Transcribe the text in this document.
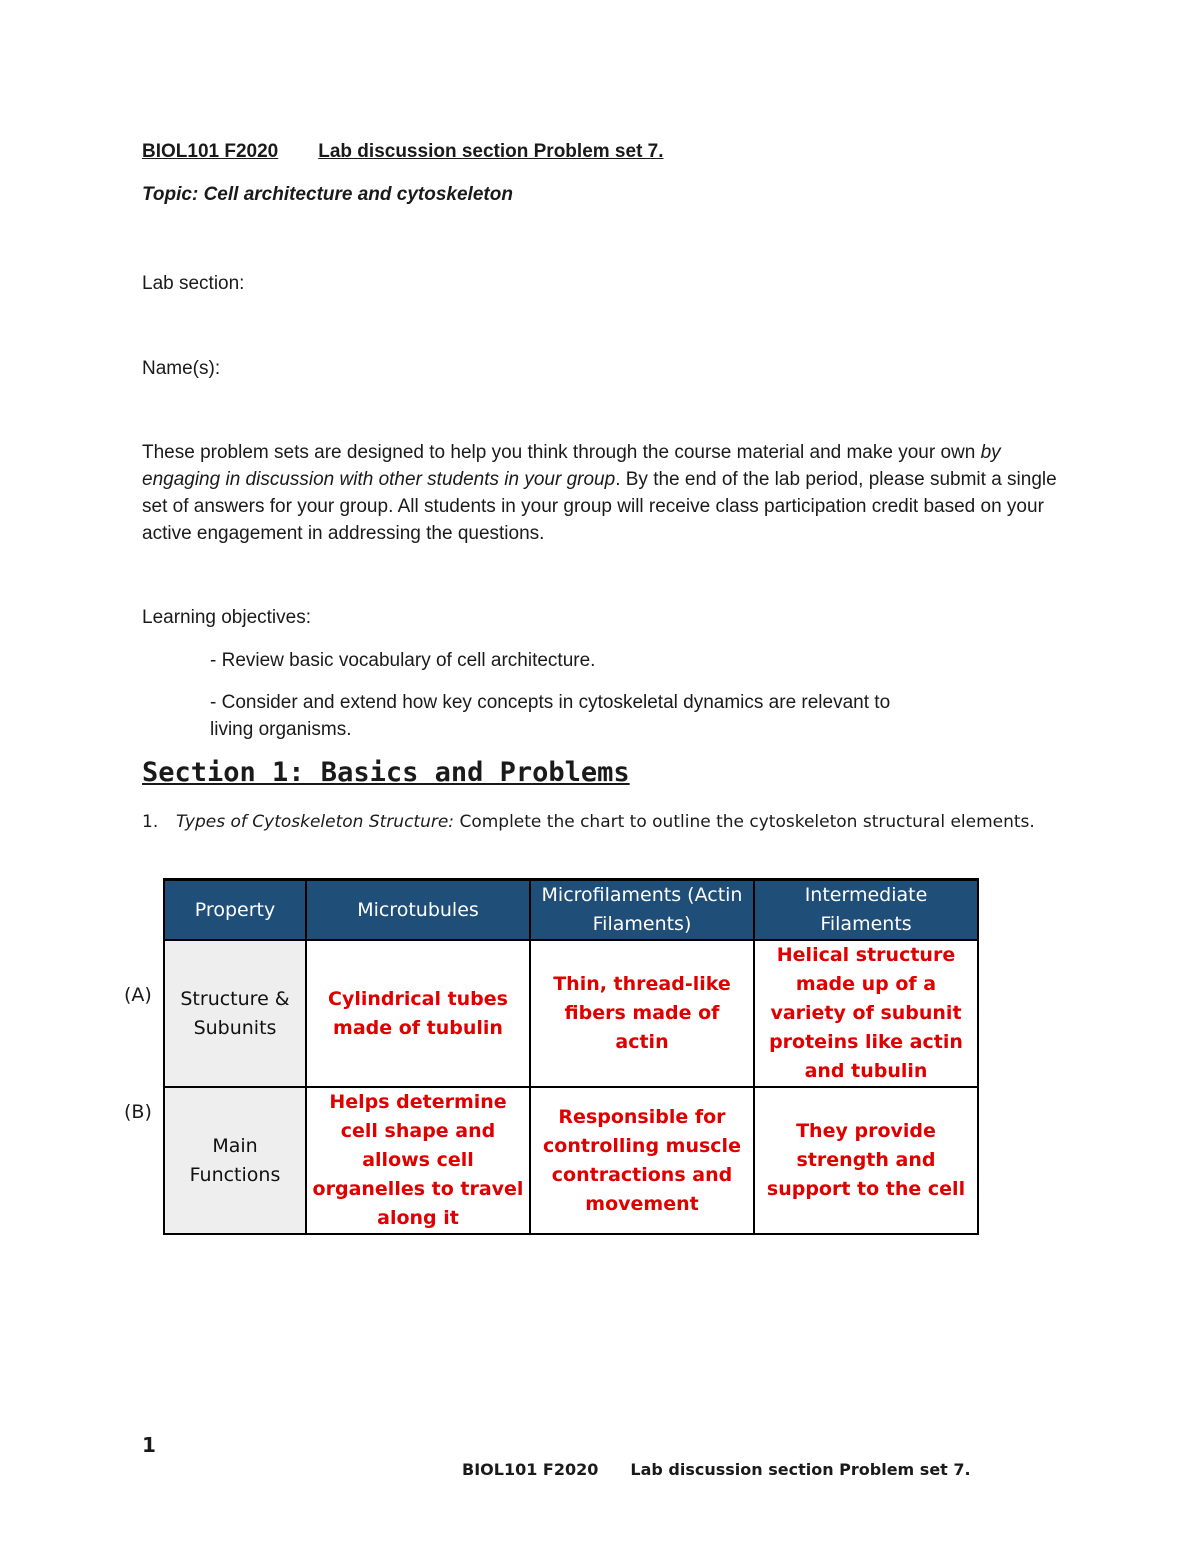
BIOL101 F2020 Lab discussion section Problem set 7.
Topic: Cell architecture and cytoskeleton
Lab section:
Name(s):
These problem sets are designed to help you think through the course material and make your own by engaging in discussion with other students in your group. By the end of the lab period, please submit a single set of answers for your group. All students in your group will receive class participation credit based on your active engagement in addressing the questions.
Learning objectives:
- Review basic vocabulary of cell architecture.
- Consider and extend how key concepts in cytoskeletal dynamics are relevant to living organisms.
Section 1: Basics and Problems
1. Types of Cytoskeleton Structure: Complete the chart to outline the cytoskeleton structural elements.
(A)
(B)
Property	Microtubules	Microfilaments (Actin Filaments)	Intermediate Filaments
Structure & Subunits	Cylindrical tubes made of tubulin	Thin, thread-like fibers made of actin	Helical structure made up of a variety of subunit proteins like actin and tubulin
Main Functions	Helps determine cell shape and allows cell organelles to travel along it	Responsible for controlling muscle contractions and movement	They provide strength and support to the cell
1
BIOL101 F2020 Lab discussion section Problem set 7.
